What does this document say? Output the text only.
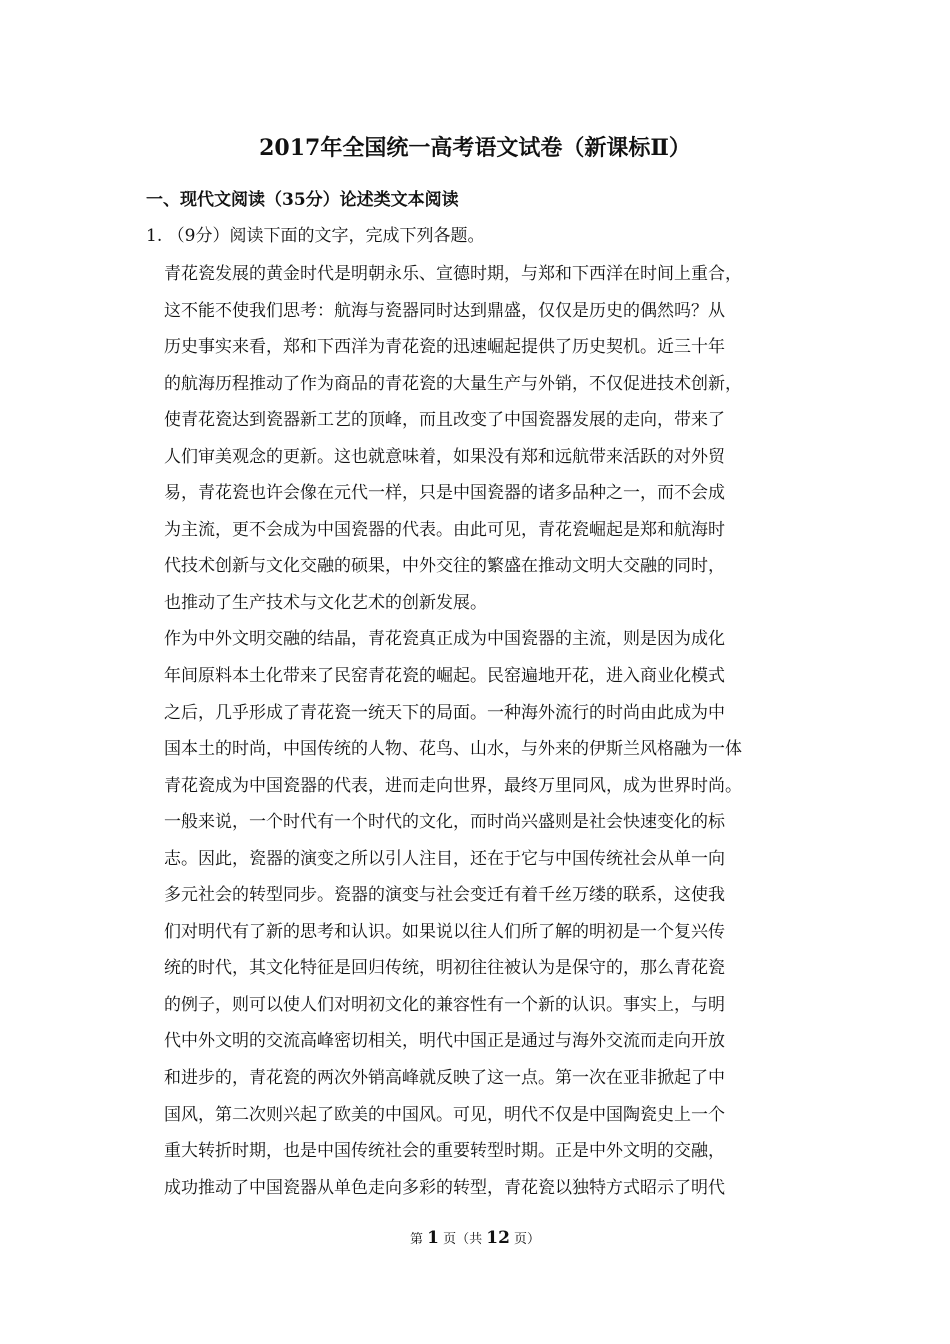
2017年全国统一高考语文试卷（新课标Ⅱ）
一、现代文阅读（35分）论述类文本阅读
1. （9分）阅读下面的文字，完成下列各题。

青花瓷发展的黄金时代是明朝永乐、宣德时期，与郑和下西洋在时间上重合，
这不能不使我们思考：航海与瓷器同时达到鼎盛，仅仅是历史的偶然吗？从
历史事实来看，郑和下西洋为青花瓷的迅速崛起提供了历史契机。近三十年
的航海历程推动了作为商品的青花瓷的大量生产与外销，不仅促进技术创新，
使青花瓷达到瓷器新工艺的顶峰，而且改变了中国瓷器发展的走向，带来了
人们审美观念的更新。这也就意味着，如果没有郑和远航带来活跃的对外贸
易，青花瓷也许会像在元代一样，只是中国瓷器的诸多品种之一，而不会成
为主流，更不会成为中国瓷器的代表。由此可见，青花瓷崛起是郑和航海时
代技术创新与文化交融的硕果，中外交往的繁盛在推动文明大交融的同时，
也推动了生产技术与文化艺术的创新发展。

作为中外文明交融的结晶，青花瓷真正成为中国瓷器的主流，则是因为成化
年间原料本土化带来了民窑青花瓷的崛起。民窑遍地开花，进入商业化模式
之后，几乎形成了青花瓷一统天下的局面。一种海外流行的时尚由此成为中
国本土的时尚，中国传统的人物、花鸟、山水，与外来的伊斯兰风格融为一体
青花瓷成为中国瓷器的代表，进而走向世界，最终万里同风，成为世界时尚。

一般来说，一个时代有一个时代的文化，而时尚兴盛则是社会快速变化的标
志。因此，瓷器的演变之所以引人注目，还在于它与中国传统社会从单一向
多元社会的转型同步。瓷器的演变与社会变迁有着千丝万缕的联系，这使我
们对明代有了新的思考和认识。如果说以往人们所了解的明初是一个复兴传
统的时代，其文化特征是回归传统，明初往往被认为是保守的，那么青花瓷
的例子，则可以使人们对明初文化的兼容性有一个新的认识。事实上，与明
代中外文明的交流高峰密切相关，明代中国正是通过与海外交流而走向开放
和进步的，青花瓷的两次外销高峰就反映了这一点。第一次在亚非掀起了中
国风，第二次则兴起了欧美的中国风。可见，明代不仅是中国陶瓷史上一个
重大转折时期，也是中国传统社会的重要转型时期。正是中外文明的交融，
成功推动了中国瓷器从单色走向多彩的转型，青花瓷以独特方式昭示了明代

第 1 页（共 12 页）
